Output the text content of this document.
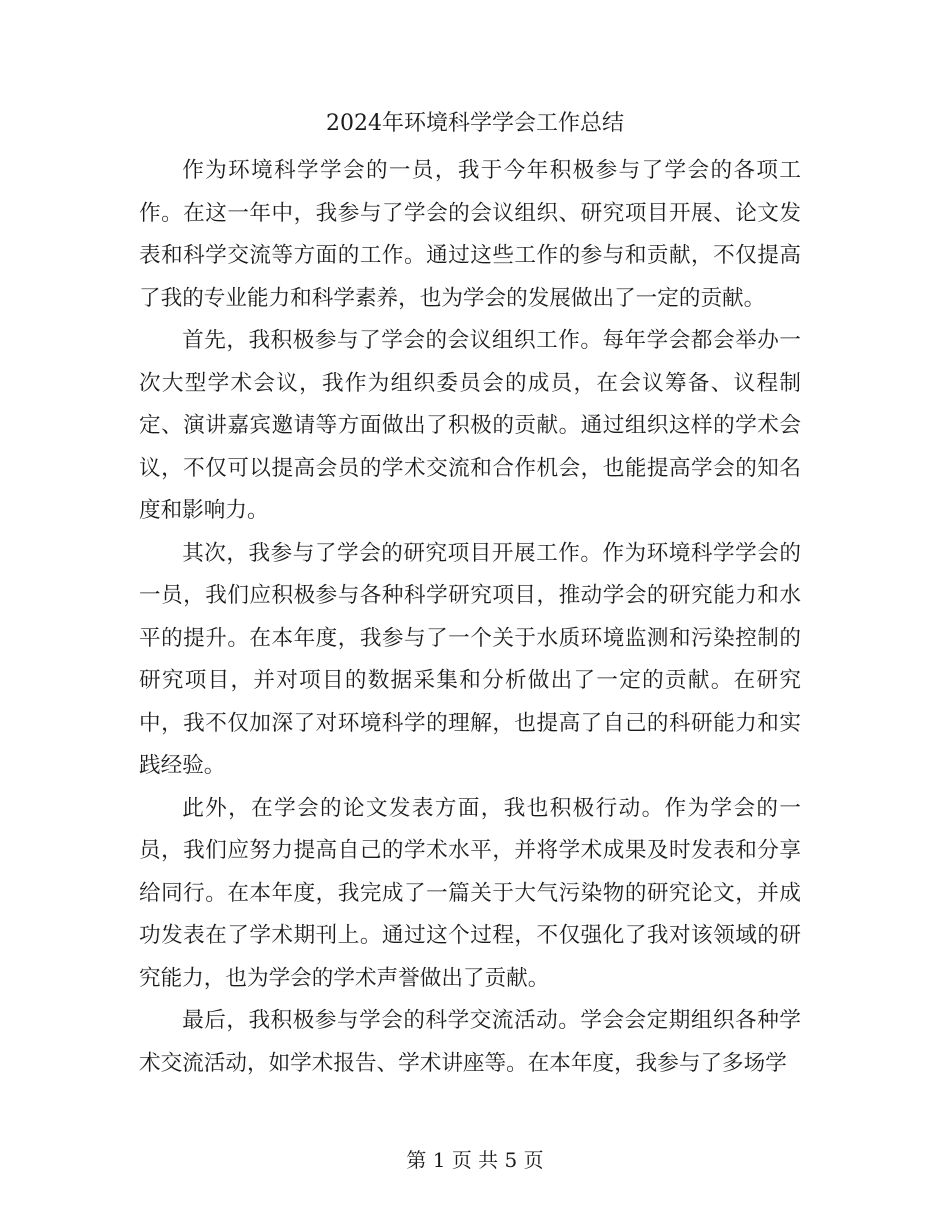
2024年环境科学学会工作总结

作为环境科学学会的一员，我于今年积极参与了学会的各项工作。在这一年中，我参与了学会的会议组织、研究项目开展、论文发表和科学交流等方面的工作。通过这些工作的参与和贡献，不仅提高了我的专业能力和科学素养，也为学会的发展做出了一定的贡献。

首先，我积极参与了学会的会议组织工作。每年学会都会举办一次大型学术会议，我作为组织委员会的成员，在会议筹备、议程制定、演讲嘉宾邀请等方面做出了积极的贡献。通过组织这样的学术会议，不仅可以提高会员的学术交流和合作机会，也能提高学会的知名度和影响力。

其次，我参与了学会的研究项目开展工作。作为环境科学学会的一员，我们应积极参与各种科学研究项目，推动学会的研究能力和水平的提升。在本年度，我参与了一个关于水质环境监测和污染控制的研究项目，并对项目的数据采集和分析做出了一定的贡献。在研究中，我不仅加深了对环境科学的理解，也提高了自己的科研能力和实践经验。

此外，在学会的论文发表方面，我也积极行动。作为学会的一员，我们应努力提高自己的学术水平，并将学术成果及时发表和分享给同行。在本年度，我完成了一篇关于大气污染物的研究论文，并成功发表在了学术期刊上。通过这个过程，不仅强化了我对该领域的研究能力，也为学会的学术声誉做出了贡献。

最后，我积极参与学会的科学交流活动。学会会定期组织各种学术交流活动，如学术报告、学术讲座等。在本年度，我参与了多场学

第 1 页 共 5 页
